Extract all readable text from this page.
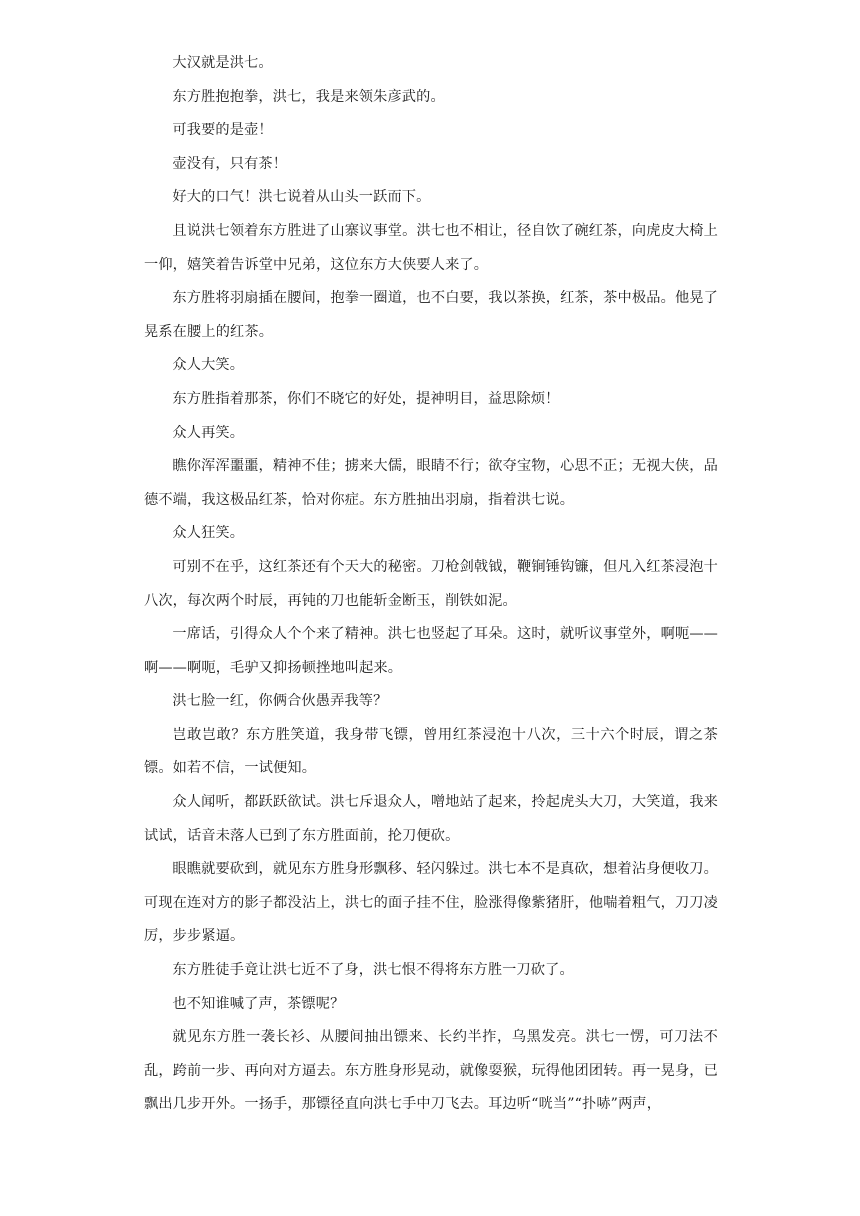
大汉就是洪七。

东方胜抱抱拳，洪七，我是来领朱彦武的。

可我要的是壶！

壶没有，只有茶！

好大的口气！洪七说着从山头一跃而下。

且说洪七领着东方胜进了山寨议事堂。洪七也不相让，径自饮了碗红茶，向虎皮大椅上一仰，嬉笑着告诉堂中兄弟，这位东方大侠要人来了。

东方胜将羽扇插在腰间，抱拳一圈道，也不白要，我以茶换，红茶，茶中极品。他晃了晃系在腰上的红茶。

众人大笑。

东方胜指着那茶，你们不晓它的好处，提神明目，益思除烦！

众人再笑。

瞧你浑浑噩噩，精神不佳；掳来大儒，眼睛不行；欲夺宝物，心思不正；无视大侠，品德不端，我这极品红茶，恰对你症。东方胜抽出羽扇，指着洪七说。

众人狂笑。

可别不在乎，这红茶还有个天大的秘密。刀枪剑戟钺，鞭锏锤钩镰，但凡入红茶浸泡十八次，每次两个时辰，再钝的刀也能斩金断玉，削铁如泥。

一席话，引得众人个个来了精神。洪七也竖起了耳朵。这时，就听议事堂外，啊呃——啊——啊呃，毛驴又抑扬顿挫地叫起来。

洪七脸一红，你俩合伙愚弄我等？

岂敢岂敢？东方胜笑道，我身带飞镖，曾用红茶浸泡十八次，三十六个时辰，谓之茶镖。如若不信，一试便知。

众人闻听，都跃跃欲试。洪七斥退众人，噌地站了起来，拎起虎头大刀，大笑道，我来试试，话音未落人已到了东方胜面前，抡刀便砍。

眼瞧就要砍到，就见东方胜身形飘移、轻闪躲过。洪七本不是真砍，想着沾身便收刀。可现在连对方的影子都没沾上，洪七的面子挂不住，脸涨得像紫猪肝，他喘着粗气，刀刀凌厉，步步紧逼。

东方胜徒手竟让洪七近不了身，洪七恨不得将东方胜一刀砍了。

也不知谁喊了声，茶镖呢？

就见东方胜一袭长衫、从腰间抽出镖来、长约半拃，乌黑发亮。洪七一愣，可刀法不乱，跨前一步、再向对方逼去。东方胜身形晃动，就像耍猴，玩得他团团转。再一晃身，已飘出几步开外。一扬手，那镖径直向洪七手中刀飞去。耳边听“咣当”“扑哧”两声，
